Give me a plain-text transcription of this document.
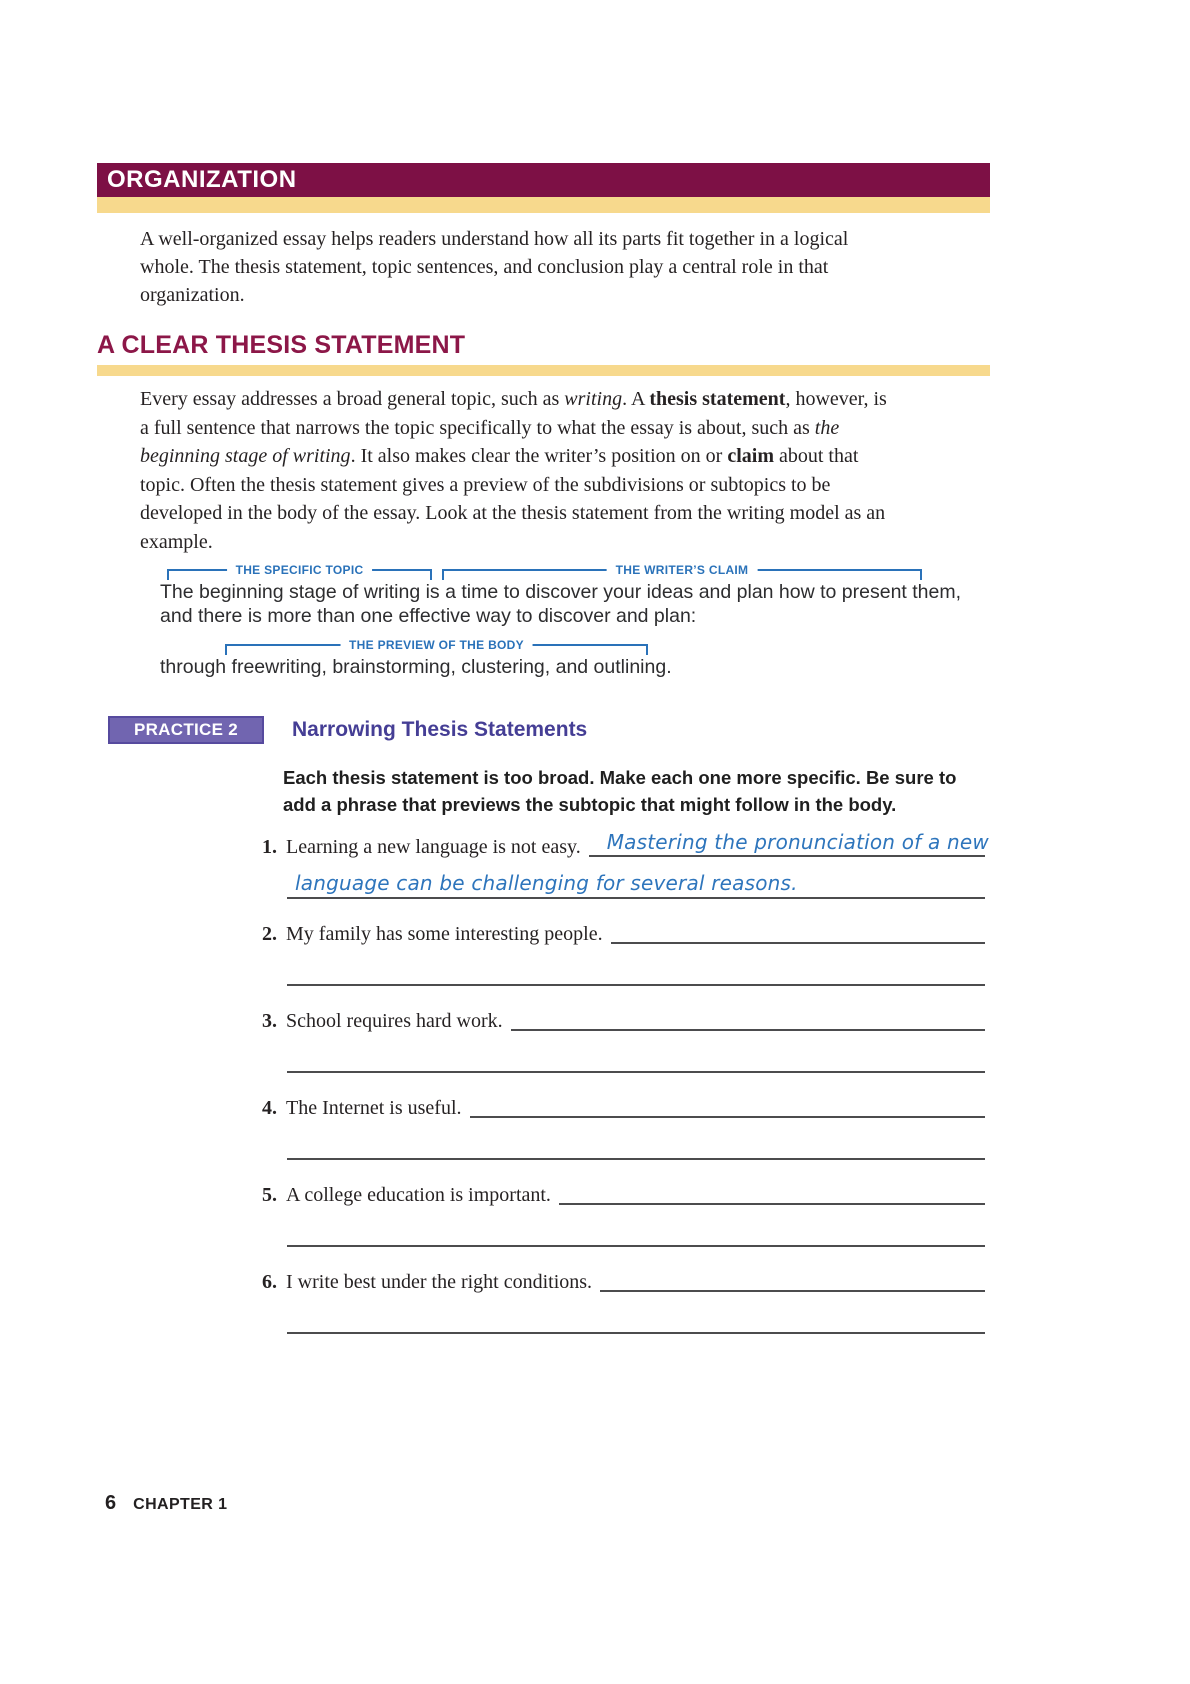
ORGANIZATION

A well-organized essay helps readers understand how all its parts fit together in a logical whole. The thesis statement, topic sentences, and conclusion play a central role in that organization.

A CLEAR THESIS STATEMENT

Every essay addresses a broad general topic, such as writing. A thesis statement, however, is a full sentence that narrows the topic specifically to what the essay is about, such as the beginning stage of writing. It also makes clear the writer’s position on or claim about that topic. Often the thesis statement gives a preview of the subdivisions or subtopics to be developed in the body of the essay. Look at the thesis statement from the writing model as an example.

THE SPECIFIC TOPIC	THE WRITER’S CLAIM
The beginning stage of writing is a time to discover your ideas and plan how to present them,
and there is more than one effective way to discover and plan:
THE PREVIEW OF THE BODY
through freewriting, brainstorming, clustering, and outlining.
PRACTICE 2	Narrowing Thesis Statements
Each thesis statement is too broad. Make each one more specific. Be sure to
add a phrase that previews the subtopic that might follow in the body.
1. Learning a new language is not easy. Mastering the pronunciation of a new
language can be challenging for several reasons.
2. My family has some interesting people.
3. School requires hard work.
4. The Internet is useful.
5. A college education is important.
6. I write best under the right conditions.
6 CHAPTER 1
